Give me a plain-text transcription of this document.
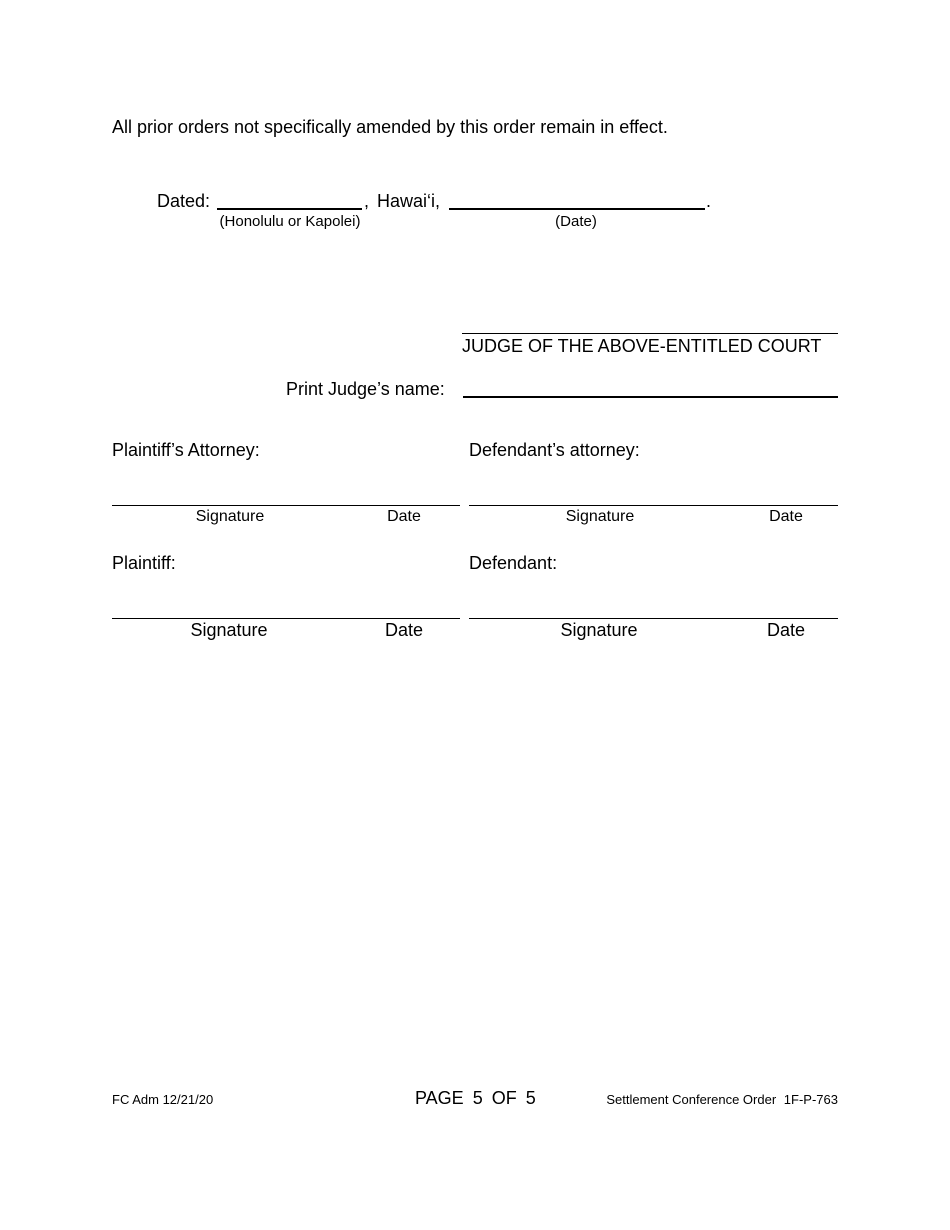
All prior orders not specifically amended by this order remain in effect.
Dated:	, Hawai‘i,	.
(Honolulu or Kapolei)	(Date)
JUDGE OF THE ABOVE-ENTITLED COURT
Print Judge’s name:
Plaintiff’s Attorney:	Defendant’s attorney:
Signature	Date	Signature	Date
Plaintiff:	Defendant:
Signature	Date	Signature	Date
FC Adm 12/21/20	PAGE 5 OF 5	Settlement Conference Order 1F-P-763
